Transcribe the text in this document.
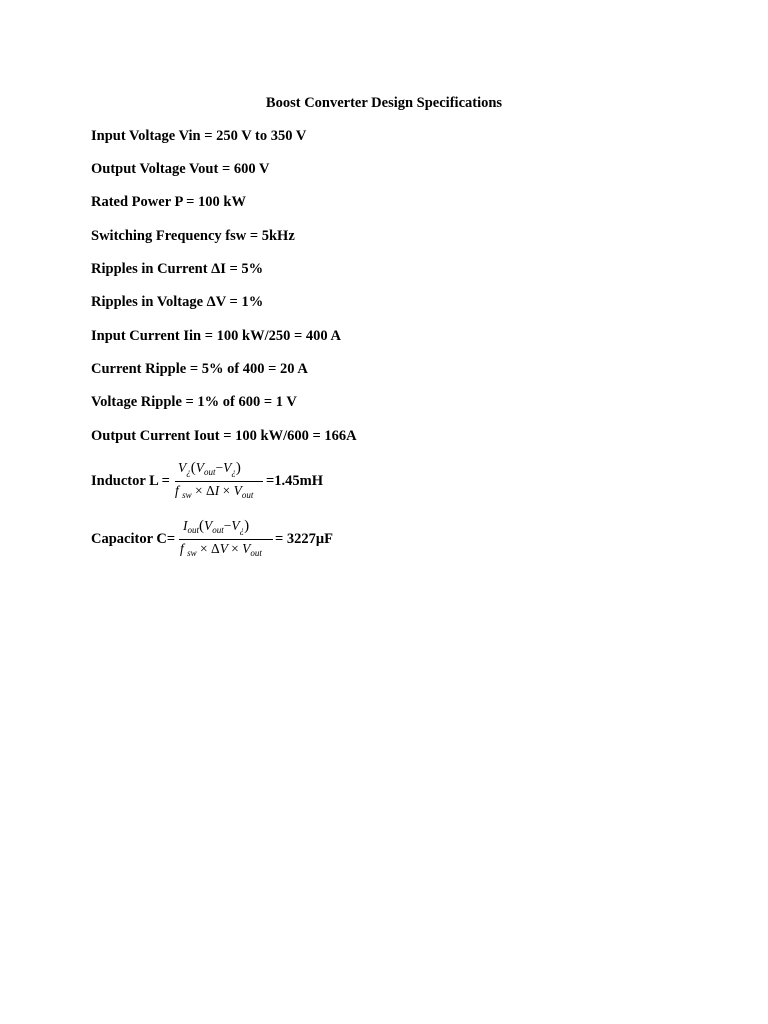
Boost Converter Design Specifications
Input Voltage Vin = 250 V to 350 V
Output Voltage Vout = 600 V
Rated Power P = 100 kW
Switching Frequency fsw = 5kHz
Ripples in Current ΔI = 5%
Ripples in Voltage ΔV = 1%
Input Current Iin = 100 kW/250 = 400 A
Current Ripple = 5% of 400 = 20 A
Voltage Ripple = 1% of 600 = 1 V
Output Current Iout = 100 kW/600 = 166A
Inductor L =
$V_¿(V_{out}-V_¿)$
f $_{sw} \times \Delta I \times V_{out}$
=1.45mH
Capacitor C=
$I_{out}(V_{out}-V_¿)$
f $_{sw} \times \Delta V \times V_{out}$
= 3227μF
